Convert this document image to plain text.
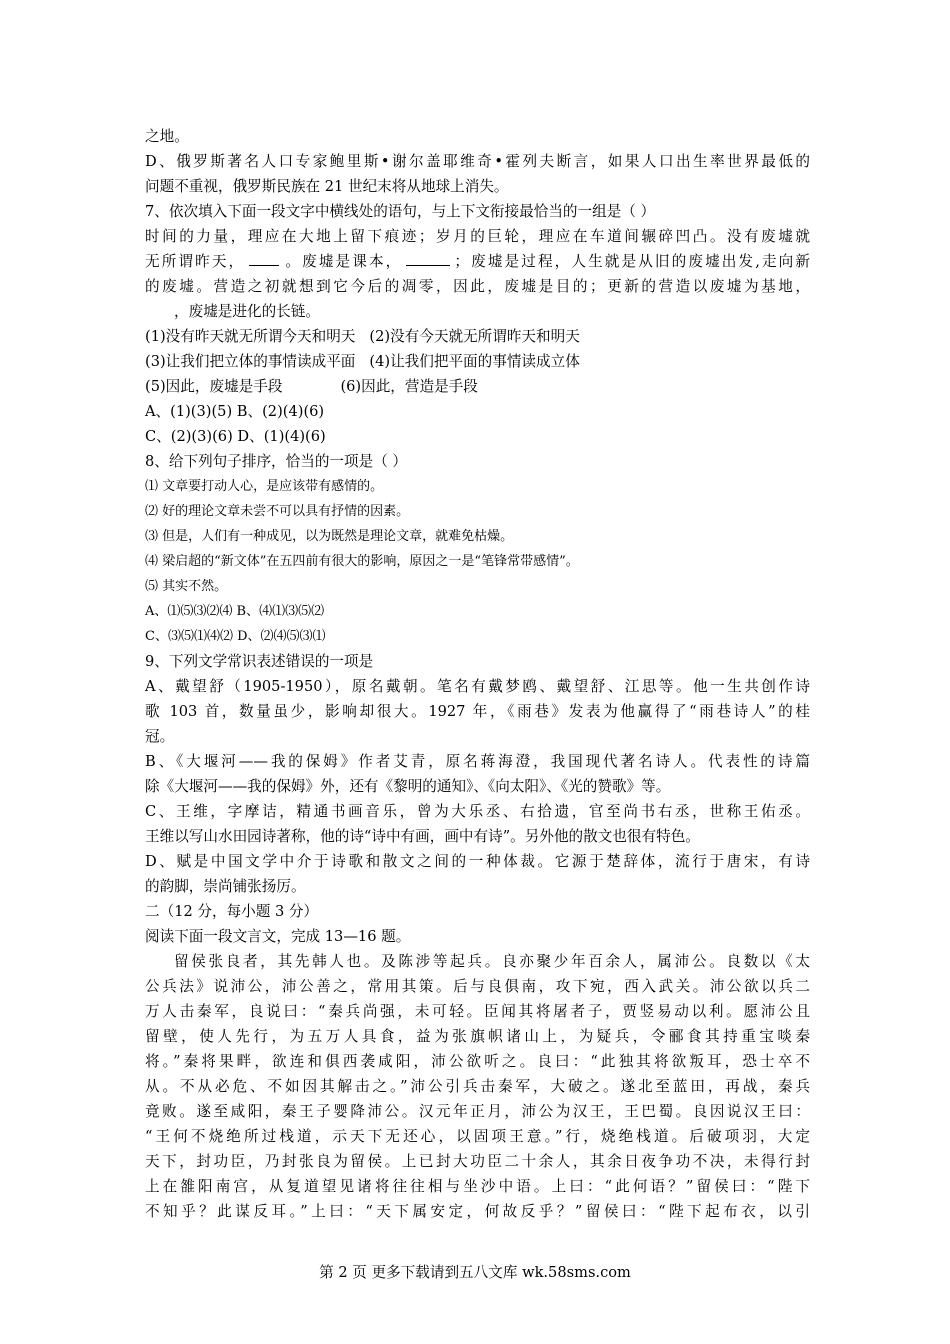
之地。
D、俄罗斯著名人口专家鲍里斯•谢尔盖耶维奇•霍列夫断言，如果人口出生率世界最低的
问题不重视，俄罗斯民族在 21 世纪末将从地球上消失。
7、依次填入下面一段文字中横线处的语句，与上下文衔接最恰当的一组是（ ）
时间的力量，理应在大地上留下痕迹；岁月的巨轮，理应在车道间辗碎凹凸。没有废墟就
无所谓昨天，	。废墟是课本，	；废墟是过程，人生就是从旧的废墟出发,走向新
的废墟。营造之初就想到它今后的凋零，因此，废墟是目的；更新的营造以废墟为基地，
，废墟是进化的长链。
(1)没有昨天就无所谓今天和明天 (2)没有今天就无所谓昨天和明天
(3)让我们把立体的事情读成平面 (4)让我们把平面的事情读成立体
(5)因此，废墟是手段	(6)因此，营造是手段
A、(1)(3)(5) B、(2)(4)(6)
C、(2)(3)(6) D、(1)(4)(6)
8、给下列句子排序，恰当的一项是（ ）
⑴ 文章要打动人心，是应该带有感情的。
⑵ 好的理论文章未尝不可以具有抒情的因素。
⑶ 但是，人们有一种成见，以为既然是理论文章，就难免枯燥。
⑷ 梁启超的“新文体”在五四前有很大的影响，原因之一是“笔锋常带感情”。
⑸ 其实不然。
A、⑴⑸⑶⑵⑷ B、⑷⑴⑶⑸⑵
C、⑶⑸⑴⑷⑵ D、⑵⑷⑸⑶⑴
9、下列文学常识表述错误的一项是
A、戴望舒（1905-1950），原名戴朝。笔名有戴梦鸥、戴望舒、江思等。他一生共创作诗
歌 103 首，数量虽少，影响却很大。1927 年，《雨巷》发表为他赢得了“雨巷诗人”的桂
冠。
B、《大堰河——我的保姆》作者艾青，原名蒋海澄，我国现代著名诗人。代表性的诗篇
除《大堰河——我的保姆》外，还有《黎明的通知》、《向太阳》、《光的赞歌》等。
C、王维，字摩诘，精通书画音乐，曾为大乐丞、右拾遗，官至尚书右丞，世称王佑丞。
王维以写山水田园诗著称，他的诗“诗中有画，画中有诗”。另外他的散文也很有特色。
D、赋是中国文学中介于诗歌和散文之间的一种体裁。它源于楚辞体，流行于唐宋，有诗
的韵脚，崇尚铺张扬厉。
二（12 分，每小题 3 分）
阅读下面一段文言文，完成 13—16 题。
留侯张良者，其先韩人也。及陈涉等起兵。良亦聚少年百余人，属沛公。良数以《太
公兵法》说沛公，沛公善之，常用其策。后与良俱南，攻下宛，西入武关。沛公欲以兵二
万人击秦军，良说曰：“秦兵尚强，未可轻。臣闻其将屠者子，贾竖易动以利。愿沛公且
留壁，使人先行，为五万人具食，益为张旗帜诸山上，为疑兵，令郦食其持重宝啖秦
将。”秦将果畔，欲连和俱西袭咸阳，沛公欲听之。良曰：“此独其将欲叛耳，恐士卒不
从。不从必危、不如因其解击之。”沛公引兵击秦军，大破之。遂北至蓝田，再战，秦兵
竟败。遂至咸阳，秦王子婴降沛公。汉元年正月，沛公为汉王，王巴蜀。良因说汉王曰：
“王何不烧绝所过栈道，示天下无还心，以固项王意。”行，烧绝栈道。后破项羽，大定
天下，封功臣，乃封张良为留侯。上已封大功臣二十余人，其余日夜争功不决，未得行封
上在雒阳南宫，从复道望见诸将往往相与坐沙中语。上曰：“此何语？”留侯曰：“陛下
不知乎？此谋反耳。”上曰：“天下属安定，何故反乎？”留侯曰：“陛下起布衣，以引
第 2 页 更多下载请到五八文库 wk.58sms.com
